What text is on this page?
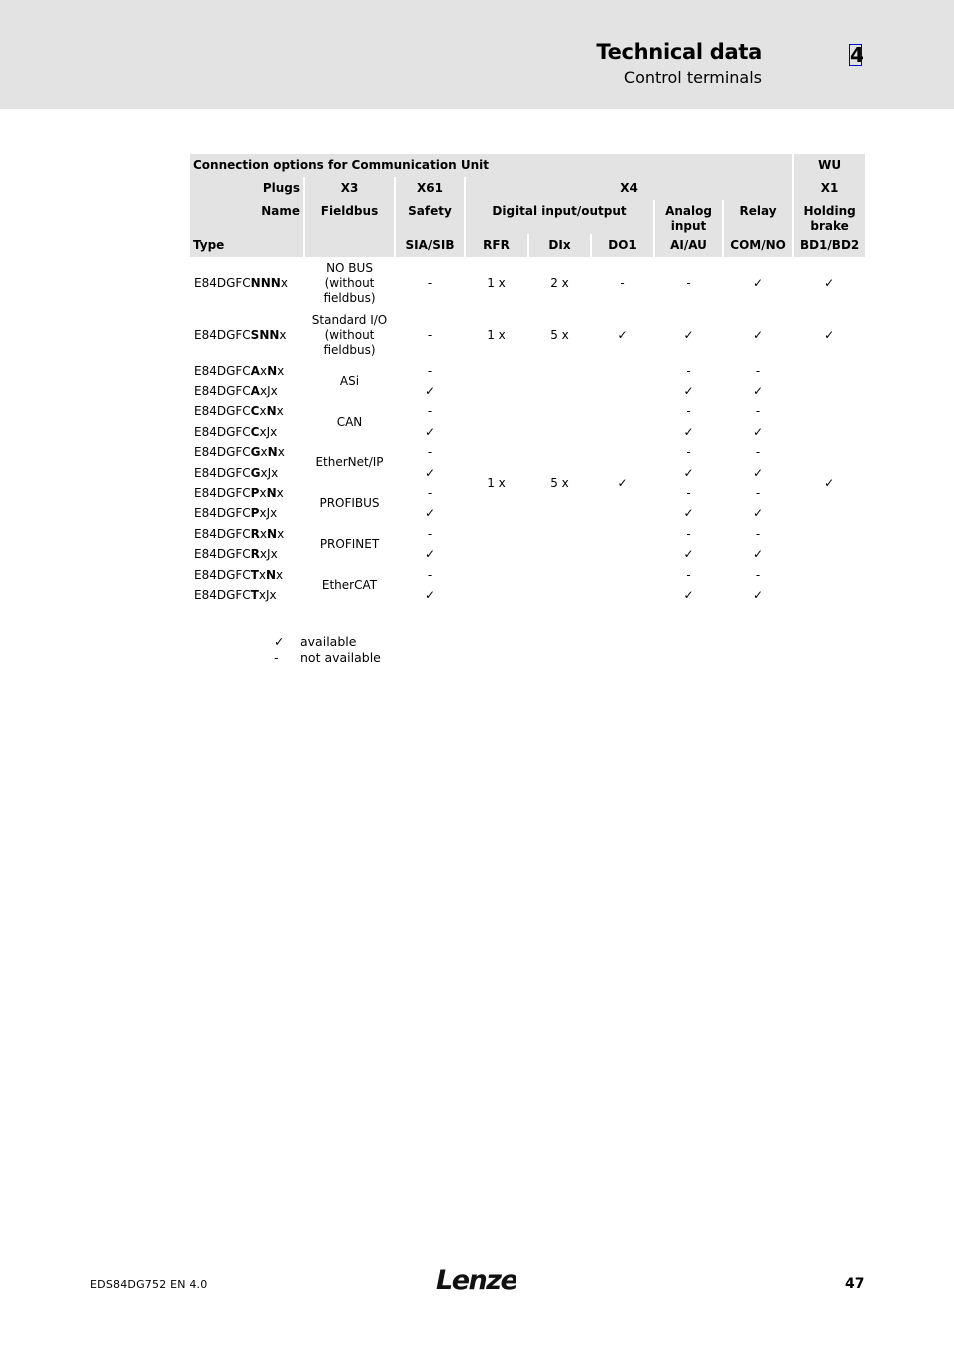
Technical data
Control terminals
4
Connection options for Communication Unit								WU
Plugs	X3	X61	X4					X1
Name	Fieldbus	Safety	Digital input/output			Analog input	Relay	Holding brake
Type		SIA/SIB	RFR	DIx	DO1	AI/AU	COM/NO	BD1/BD2
E84DGFCNNNx	NO BUS (without fieldbus)	-	1 x	2 x	-	-	✓	✓
E84DGFCSNNx	Standard I/O (without fieldbus)	-	1 x	5 x	✓	✓	✓	✓
E84DGFCAxNx	ASi	-	1 x	5 x	✓	-	-	✓
E84DGFCAxJx		✓				✓	✓	
E84DGFCCxNx	CAN	-				-	-	
E84DGFCCxJx		✓				✓	✓	
E84DGFCGxNx	EtherNet/IP	-				-	-	
E84DGFCGxJx		✓				✓	✓	
E84DGFCPxNx	PROFIBUS	-				-	-	
E84DGFCPxJx		✓				✓	✓	
E84DGFCRxNx	PROFINET	-				-	-	
E84DGFCRxJx		✓				✓	✓	
E84DGFCTxNx	EtherCAT	-				-	-	
E84DGFCTxJx		✓				✓	✓	
✓ available
- not available
EDS84DG752 EN 4.0	Lenze	47
